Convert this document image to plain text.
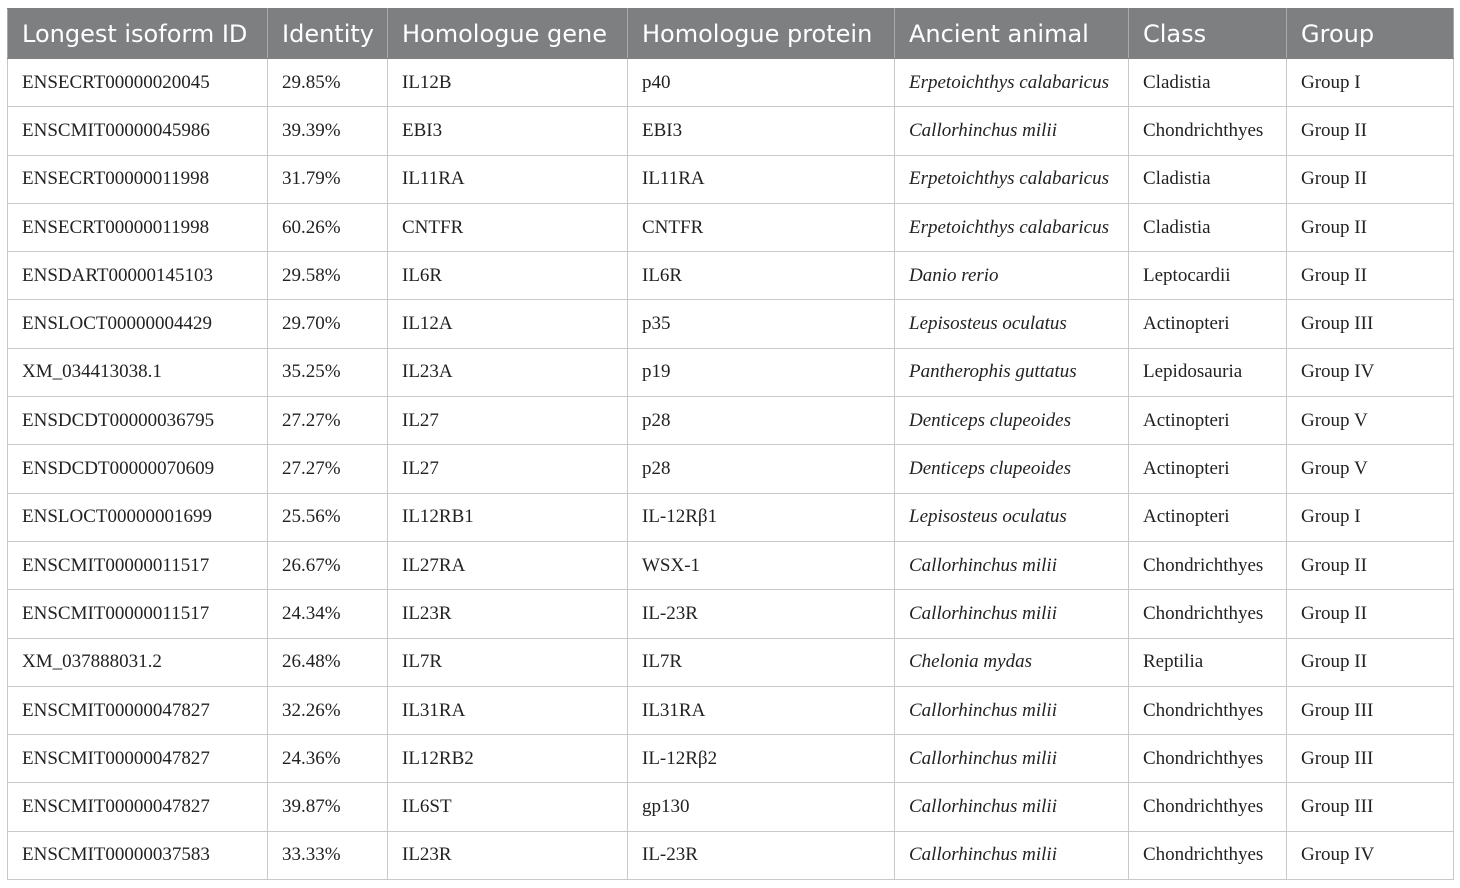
Longest isoform ID	Identity	Homologue gene	Homologue protein	Ancient animal	Class	Group
ENSECRT00000020045	29.85%	IL12B	p40	Erpetoichthys calabaricus	Cladistia	Group I
ENSCMIT00000045986	39.39%	EBI3	EBI3	Callorhinchus milii	Chondrichthyes	Group II
ENSECRT00000011998	31.79%	IL11RA	IL11RA	Erpetoichthys calabaricus	Cladistia	Group II
ENSECRT00000011998	60.26%	CNTFR	CNTFR	Erpetoichthys calabaricus	Cladistia	Group II
ENSDART00000145103	29.58%	IL6R	IL6R	Danio rerio	Leptocardii	Group II
ENSLOCT00000004429	29.70%	IL12A	p35	Lepisosteus oculatus	Actinopteri	Group III
XM_034413038.1	35.25%	IL23A	p19	Pantherophis guttatus	Lepidosauria	Group IV
ENSDCDT00000036795	27.27%	IL27	p28	Denticeps clupeoides	Actinopteri	Group V
ENSDCDT00000070609	27.27%	IL27	p28	Denticeps clupeoides	Actinopteri	Group V
ENSLOCT00000001699	25.56%	IL12RB1	IL-12Rβ1	Lepisosteus oculatus	Actinopteri	Group I
ENSCMIT00000011517	26.67%	IL27RA	WSX-1	Callorhinchus milii	Chondrichthyes	Group II
ENSCMIT00000011517	24.34%	IL23R	IL-23R	Callorhinchus milii	Chondrichthyes	Group II
XM_037888031.2	26.48%	IL7R	IL7R	Chelonia mydas	Reptilia	Group II
ENSCMIT00000047827	32.26%	IL31RA	IL31RA	Callorhinchus milii	Chondrichthyes	Group III
ENSCMIT00000047827	24.36%	IL12RB2	IL-12Rβ2	Callorhinchus milii	Chondrichthyes	Group III
ENSCMIT00000047827	39.87%	IL6ST	gp130	Callorhinchus milii	Chondrichthyes	Group III
ENSCMIT00000037583	33.33%	IL23R	IL-23R	Callorhinchus milii	Chondrichthyes	Group IV
